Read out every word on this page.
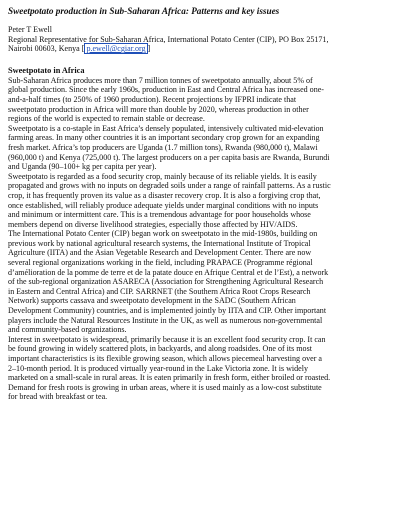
Sweetpotato production in Sub-Saharan Africa: Patterns and key issues
Peter T Ewell
Regional Representative for Sub-Saharan Africa, International Potato Center (CIP), PO Box 25171,
Nairobi 00603, Kenya [ p.ewell@cgiar.org ]
Sweetpotato in Africa

Sub-Saharan Africa produces more than 7 million tonnes of sweetpotato annually, about 5% of
global production. Since the early 1960s, production in East and Central Africa has increased one-
and-a-half times (to 250% of 1960 production). Recent projections by IFPRI indicate that
sweetpotato production in Africa will more than double by 2020, whereas production in other
regions of the world is expected to remain stable or decrease.

Sweetpotato is a co-staple in East Africa’s densely populated, intensively cultivated mid-elevation
farming areas. In many other countries it is an important secondary crop grown for an expanding
fresh market. Africa’s top producers are Uganda (1.7 million tons), Rwanda (980,000 t), Malawi
(960,000 t) and Kenya (725,000 t). The largest producers on a per capita basis are Rwanda, Burundi
and Uganda (90–100+ kg per capita per year).

Sweetpotato is regarded as a food security crop, mainly because of its reliable yields. It is easily
propagated and grows with no inputs on degraded soils under a range of rainfall patterns. As a rustic
crop, it has frequently proven its value as a disaster recovery crop. It is also a forgiving crop that,
once established, will reliably produce adequate yields under marginal conditions with no inputs
and minimum or intermittent care. This is a tremendous advantage for poor households whose
members depend on diverse livelihood strategies, especially those affected by HIV/AIDS.

The International Potato Center (CIP) began work on sweetpotato in the mid-1980s, building on
previous work by national agricultural research systems, the International Institute of Tropical
Agriculture (IITA) and the Asian Vegetable Research and Development Center. There are now
several regional organizations working in the field, including PRAPACE (Programme régional
d’amélioration de la pomme de terre et de la patate douce en Afrique Central et de l’Est), a network
of the sub-regional organization ASARECA (Association for Strengthening Agricultural Research
in Eastern and Central Africa) and CIP. SARRNET (the Southern Africa Root Crops Research
Network) supports cassava and sweetpotato development in the SADC (Southern African
Development Community) countries, and is implemented jointly by IITA and CIP. Other important
players include the Natural Resources Institute in the UK, as well as numerous non-governmental
and community-based organizations.

Interest in sweetpotato is widespread, primarily because it is an excellent food security crop. It can
be found growing in widely scattered plots, in backyards, and along roadsides. One of its most
important characteristics is its flexible growing season, which allows piecemeal harvesting over a
2–10-month period. It is produced virtually year-round in the Lake Victoria zone. It is widely
marketed on a small-scale in rural areas. It is eaten primarily in fresh form, either broiled or roasted.
Demand for fresh roots is growing in urban areas, where it is used mainly as a low-cost substitute
for bread with breakfast or tea.
